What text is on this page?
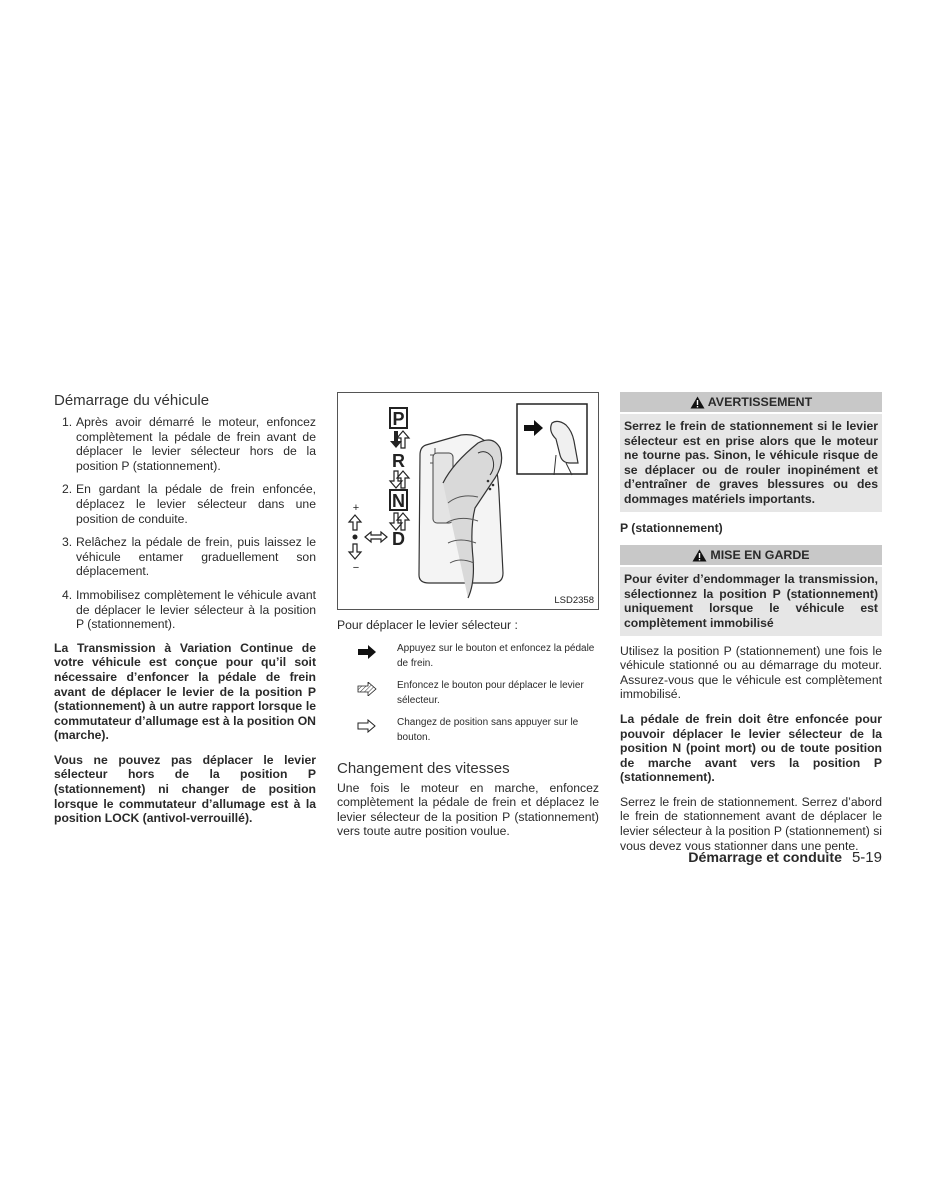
Démarrage du véhicule
1. Après avoir démarré le moteur, enfoncez complètement la pédale de frein avant de déplacer le levier sélecteur hors de la position P (stationnement).

2. En gardant la pédale de frein enfoncée, déplacez le levier sélecteur dans une position de conduite.

3. Relâchez la pédale de frein, puis laissez le véhicule entamer graduellement son déplacement.

4. Immobilisez complètement le véhicule avant de déplacer le levier sélecteur à la position P (stationnement).

La Transmission à Variation Continue de votre véhicule est conçue pour qu’il soit nécessaire d’enfoncer la pédale de frein avant de déplacer le levier de la position P (stationnement) à un autre rapport lorsque le commutateur d’allumage est à la position ON (marche).

Vous ne pouvez pas déplacer le levier sélecteur hors de la position P (stationnement) ni changer de position lorsque le commutateur d’allumage est à la position LOCK (antivol-verrouillé).

P
R
N
D
+
−
LSD2358
Pour déplacer le levier sélecteur :
Appuyez sur le bouton et enfoncez la pédale de frein.
Enfoncez le bouton pour déplacer le levier sélecteur.
Changez de position sans appuyer sur le bouton.
Changement des vitesses

Une fois le moteur en marche, enfoncez complètement la pédale de frein et déplacez le levier sélecteur de la position P (stationnement) vers toute autre position voulue.

AVERTISSEMENT

Serrez le frein de stationnement si le levier sélecteur est en prise alors que le moteur ne tourne pas. Sinon, le véhicule risque de se déplacer ou de rouler inopinément et d’entraîner de graves blessures ou des dommages matériels importants.

P (stationnement)

MISE EN GARDE

Pour éviter d’endommager la transmission, sélectionnez la position P (stationnement) uniquement lorsque le véhicule est complètement immobilisé

Utilisez la position P (stationnement) une fois le véhicule stationné ou au démarrage du moteur. Assurez-vous que le véhicule est complètement immobilisé.

La pédale de frein doit être enfoncée pour pouvoir déplacer le levier sélecteur de la position N (point mort) ou de toute position de marche avant vers la position P (stationnement).

Serrez le frein de stationnement. Serrez d’abord le frein de stationnement avant de déplacer le levier sélecteur à la position P (stationnement) si vous devez vous stationner dans une pente.

Démarrage et conduite 5-19
